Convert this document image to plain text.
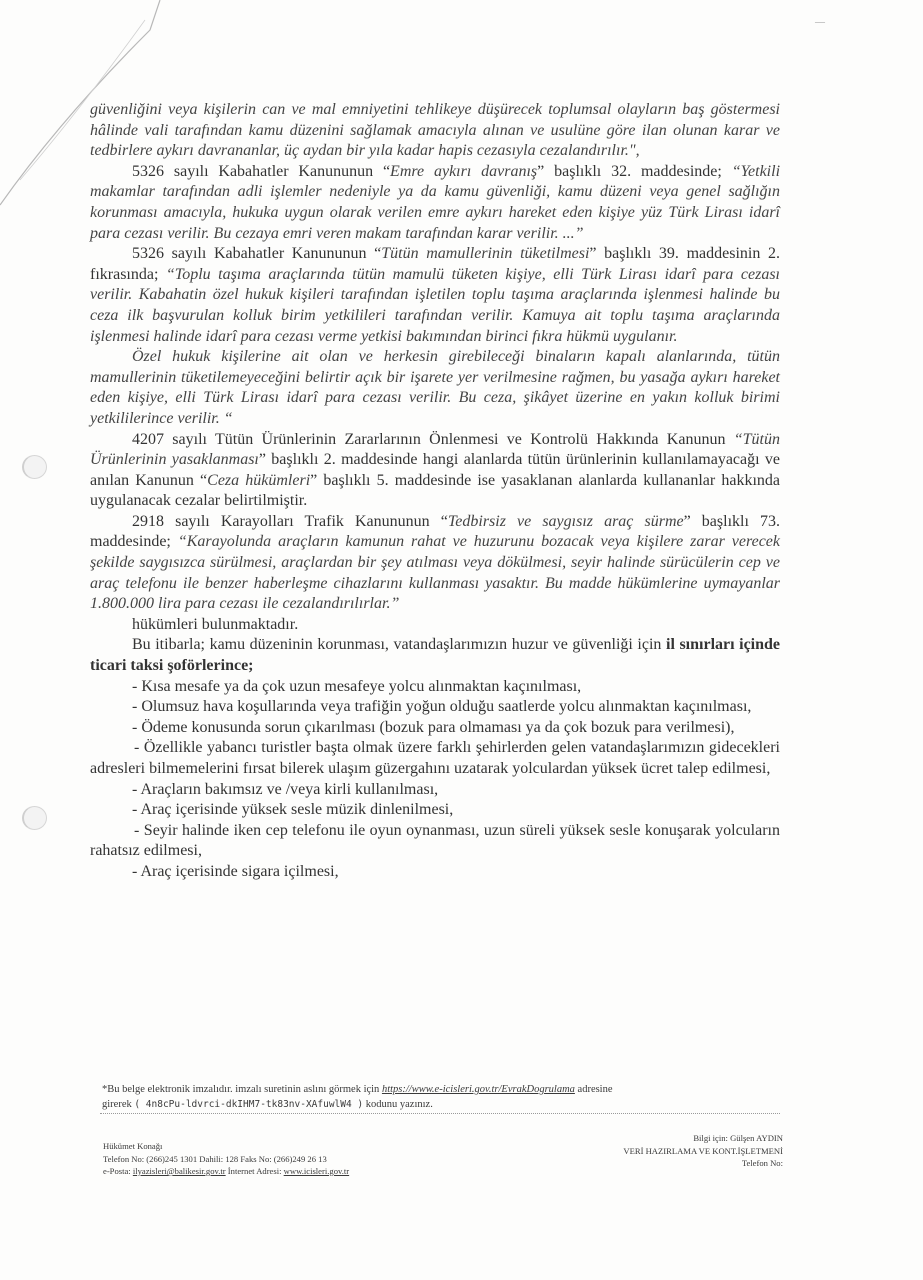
—

güvenliğini veya kişilerin can ve mal emniyetini tehlikeye düşürecek toplumsal olayların baş göstermesi hâlinde vali tarafından kamu düzenini sağlamak amacıyla alınan ve usulüne göre ilan olunan karar ve tedbirlere aykırı davrananlar, üç aydan bir yıla kadar hapis cezasıyla cezalandırılır.",

5326 sayılı Kabahatler Kanununun “Emre aykırı davranış” başlıklı 32. maddesinde; “Yetkili makamlar tarafından adli işlemler nedeniyle ya da kamu güvenliği, kamu düzeni veya genel sağlığın korunması amacıyla, hukuka uygun olarak verilen emre aykırı hareket eden kişiye yüz Türk Lirası idarî para cezası verilir. Bu cezaya emri veren makam tarafından karar verilir. ...”

5326 sayılı Kabahatler Kanununun “Tütün mamullerinin tüketilmesi” başlıklı 39. maddesinin 2. fıkrasında; “Toplu taşıma araçlarında tütün mamulü tüketen kişiye, elli Türk Lirası idarî para cezası verilir. Kabahatin özel hukuk kişileri tarafından işletilen toplu taşıma araçlarında işlenmesi halinde bu ceza ilk başvurulan kolluk birim yetkilileri tarafından verilir. Kamuya ait toplu taşıma araçlarında işlenmesi halinde idarî para cezası verme yetkisi bakımından birinci fıkra hükmü uygulanır.

Özel hukuk kişilerine ait olan ve herkesin girebileceği binaların kapalı alanlarında, tütün mamullerinin tüketilemeyeceğini belirtir açık bir işarete yer verilmesine rağmen, bu yasağa aykırı hareket eden kişiye, elli Türk Lirası idarî para cezası verilir. Bu ceza, şikâyet üzerine en yakın kolluk birimi yetkililerince verilir. “

4207 sayılı Tütün Ürünlerinin Zararlarının Önlenmesi ve Kontrolü Hakkında Kanunun “Tütün Ürünlerinin yasaklanması” başlıklı 2. maddesinde hangi alanlarda tütün ürünlerinin kullanılamayacağı ve anılan Kanunun “Ceza hükümleri” başlıklı 5. maddesinde ise yasaklanan alanlarda kullananlar hakkında uygulanacak cezalar belirtilmiştir.

2918 sayılı Karayolları Trafik Kanununun “Tedbirsiz ve saygısız araç sürme” başlıklı 73. maddesinde; “Karayolunda araçların kamunun rahat ve huzurunu bozacak veya kişilere zarar verecek şekilde saygısızca sürülmesi, araçlardan bir şey atılması veya dökülmesi, seyir halinde sürücülerin cep ve araç telefonu ile benzer haberleşme cihazlarını kullanması yasaktır. Bu madde hükümlerine uymayanlar 1.800.000 lira para cezası ile cezalandırılırlar.”

hükümleri bulunmaktadır.

Bu itibarla; kamu düzeninin korunması, vatandaşlarımızın huzur ve güvenliği için il sınırları içinde ticari taksi şoförlerince;

- Kısa mesafe ya da çok uzun mesafeye yolcu alınmaktan kaçınılması,

- Olumsuz hava koşullarında veya trafiğin yoğun olduğu saatlerde yolcu alınmaktan kaçınılması,

- Ödeme konusunda sorun çıkarılması (bozuk para olmaması ya da çok bozuk para verilmesi),

- Özellikle yabancı turistler başta olmak üzere farklı şehirlerden gelen vatandaşlarımızın gidecekleri adresleri bilmemelerini fırsat bilerek ulaşım güzergahını uzatarak yolculardan yüksek ücret talep edilmesi,

- Araçların bakımsız ve /veya kirli kullanılması,

- Araç içerisinde yüksek sesle müzik dinlenilmesi,

- Seyir halinde iken cep telefonu ile oyun oynanması, uzun süreli yüksek sesle konuşarak yolcuların rahatsız edilmesi,

- Araç içerisinde sigara içilmesi,

*Bu belge elektronik imzalıdır. imzalı suretinin aslını görmek için https://www.e-icisleri.gov.tr/EvrakDogrulama adresine
girerek ( 4n8cPu-ldvrci-dkIHM7-tk83nv-XAfuwlW4 ) kodunu yazınız.
Hükümet Konağı
Telefon No: (266)245 1301 Dahili: 128 Faks No: (266)249 26 13
e-Posta: ilyazisleri@balikesir.gov.tr İnternet Adresi: www.icisleri.gov.tr
Bilgi için: Gülşen AYDIN
VERİ HAZIRLAMA VE KONT.İŞLETMENİ
Telefon No:
